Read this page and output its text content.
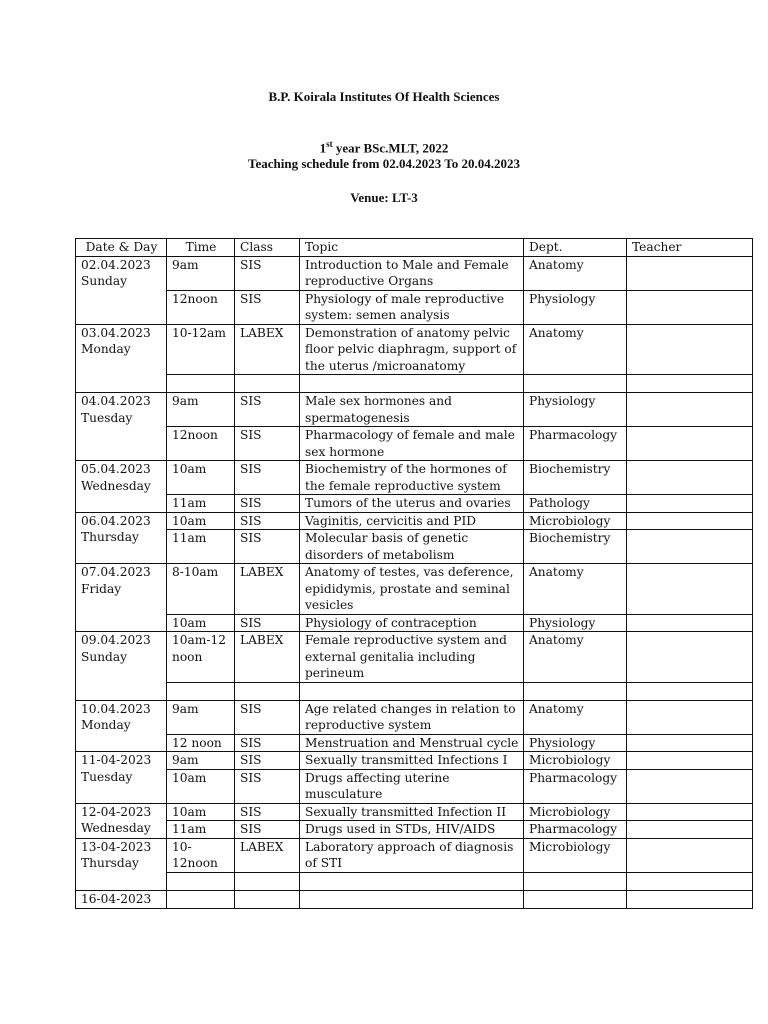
B.P. Koirala Institutes Of Health Sciences
1st year BSc.MLT, 2022
Teaching schedule from 02.04.2023 To 20.04.2023
Venue: LT-3
Date & Day	Time	Class	Topic	Dept.	Teacher
02.04.2023
Sunday	9am	SIS	Introduction to Male and Female reproductive Organs	Anatomy	
	12noon	SIS	Physiology of male reproductive system: semen analysis	Physiology	
03.04.2023
Monday	10-12am	LABEX	Demonstration of anatomy pelvic floor pelvic diaphragm, support of the uterus /microanatomy	Anatomy	

04.04.2023
Tuesday	9am	SIS	Male sex hormones and spermatogenesis	Physiology	
	12noon	SIS	Pharmacology of female and male sex hormone	Pharmacology	
05.04.2023
Wednesday	10am	SIS	Biochemistry of the hormones of the female reproductive system	Biochemistry	
	11am	SIS	Tumors of the uterus and ovaries	Pathology	
06.04.2023
Thursday	10am	SIS	Vaginitis, cervicitis and PID	Microbiology	
	11am	SIS	Molecular basis of genetic disorders of metabolism	Biochemistry	
07.04.2023
Friday	8-10am	LABEX	Anatomy of testes, vas deference, epididymis, prostate and seminal vesicles	Anatomy	
	10am	SIS	Physiology of contraception	Physiology	
09.04.2023
Sunday	10am-12 noon	LABEX	Female reproductive system and external genitalia including perineum	Anatomy	

10.04.2023
Monday	9am	SIS	Age related changes in relation to reproductive system	Anatomy	
	12 noon	SIS	Menstruation and Menstrual cycle	Physiology	
11-04-2023
Tuesday	9am	SIS	Sexually transmitted Infections I	Microbiology	
	10am	SIS	Drugs affecting uterine musculature	Pharmacology	
12-04-2023
Wednesday	10am	SIS	Sexually transmitted Infection II	Microbiology	
	11am	SIS	Drugs used in STDs, HIV/AIDS	Pharmacology	
13-04-2023
Thursday	10-12noon	LABEX	Laboratory approach of diagnosis of STI	Microbiology	

16-04-2023					
